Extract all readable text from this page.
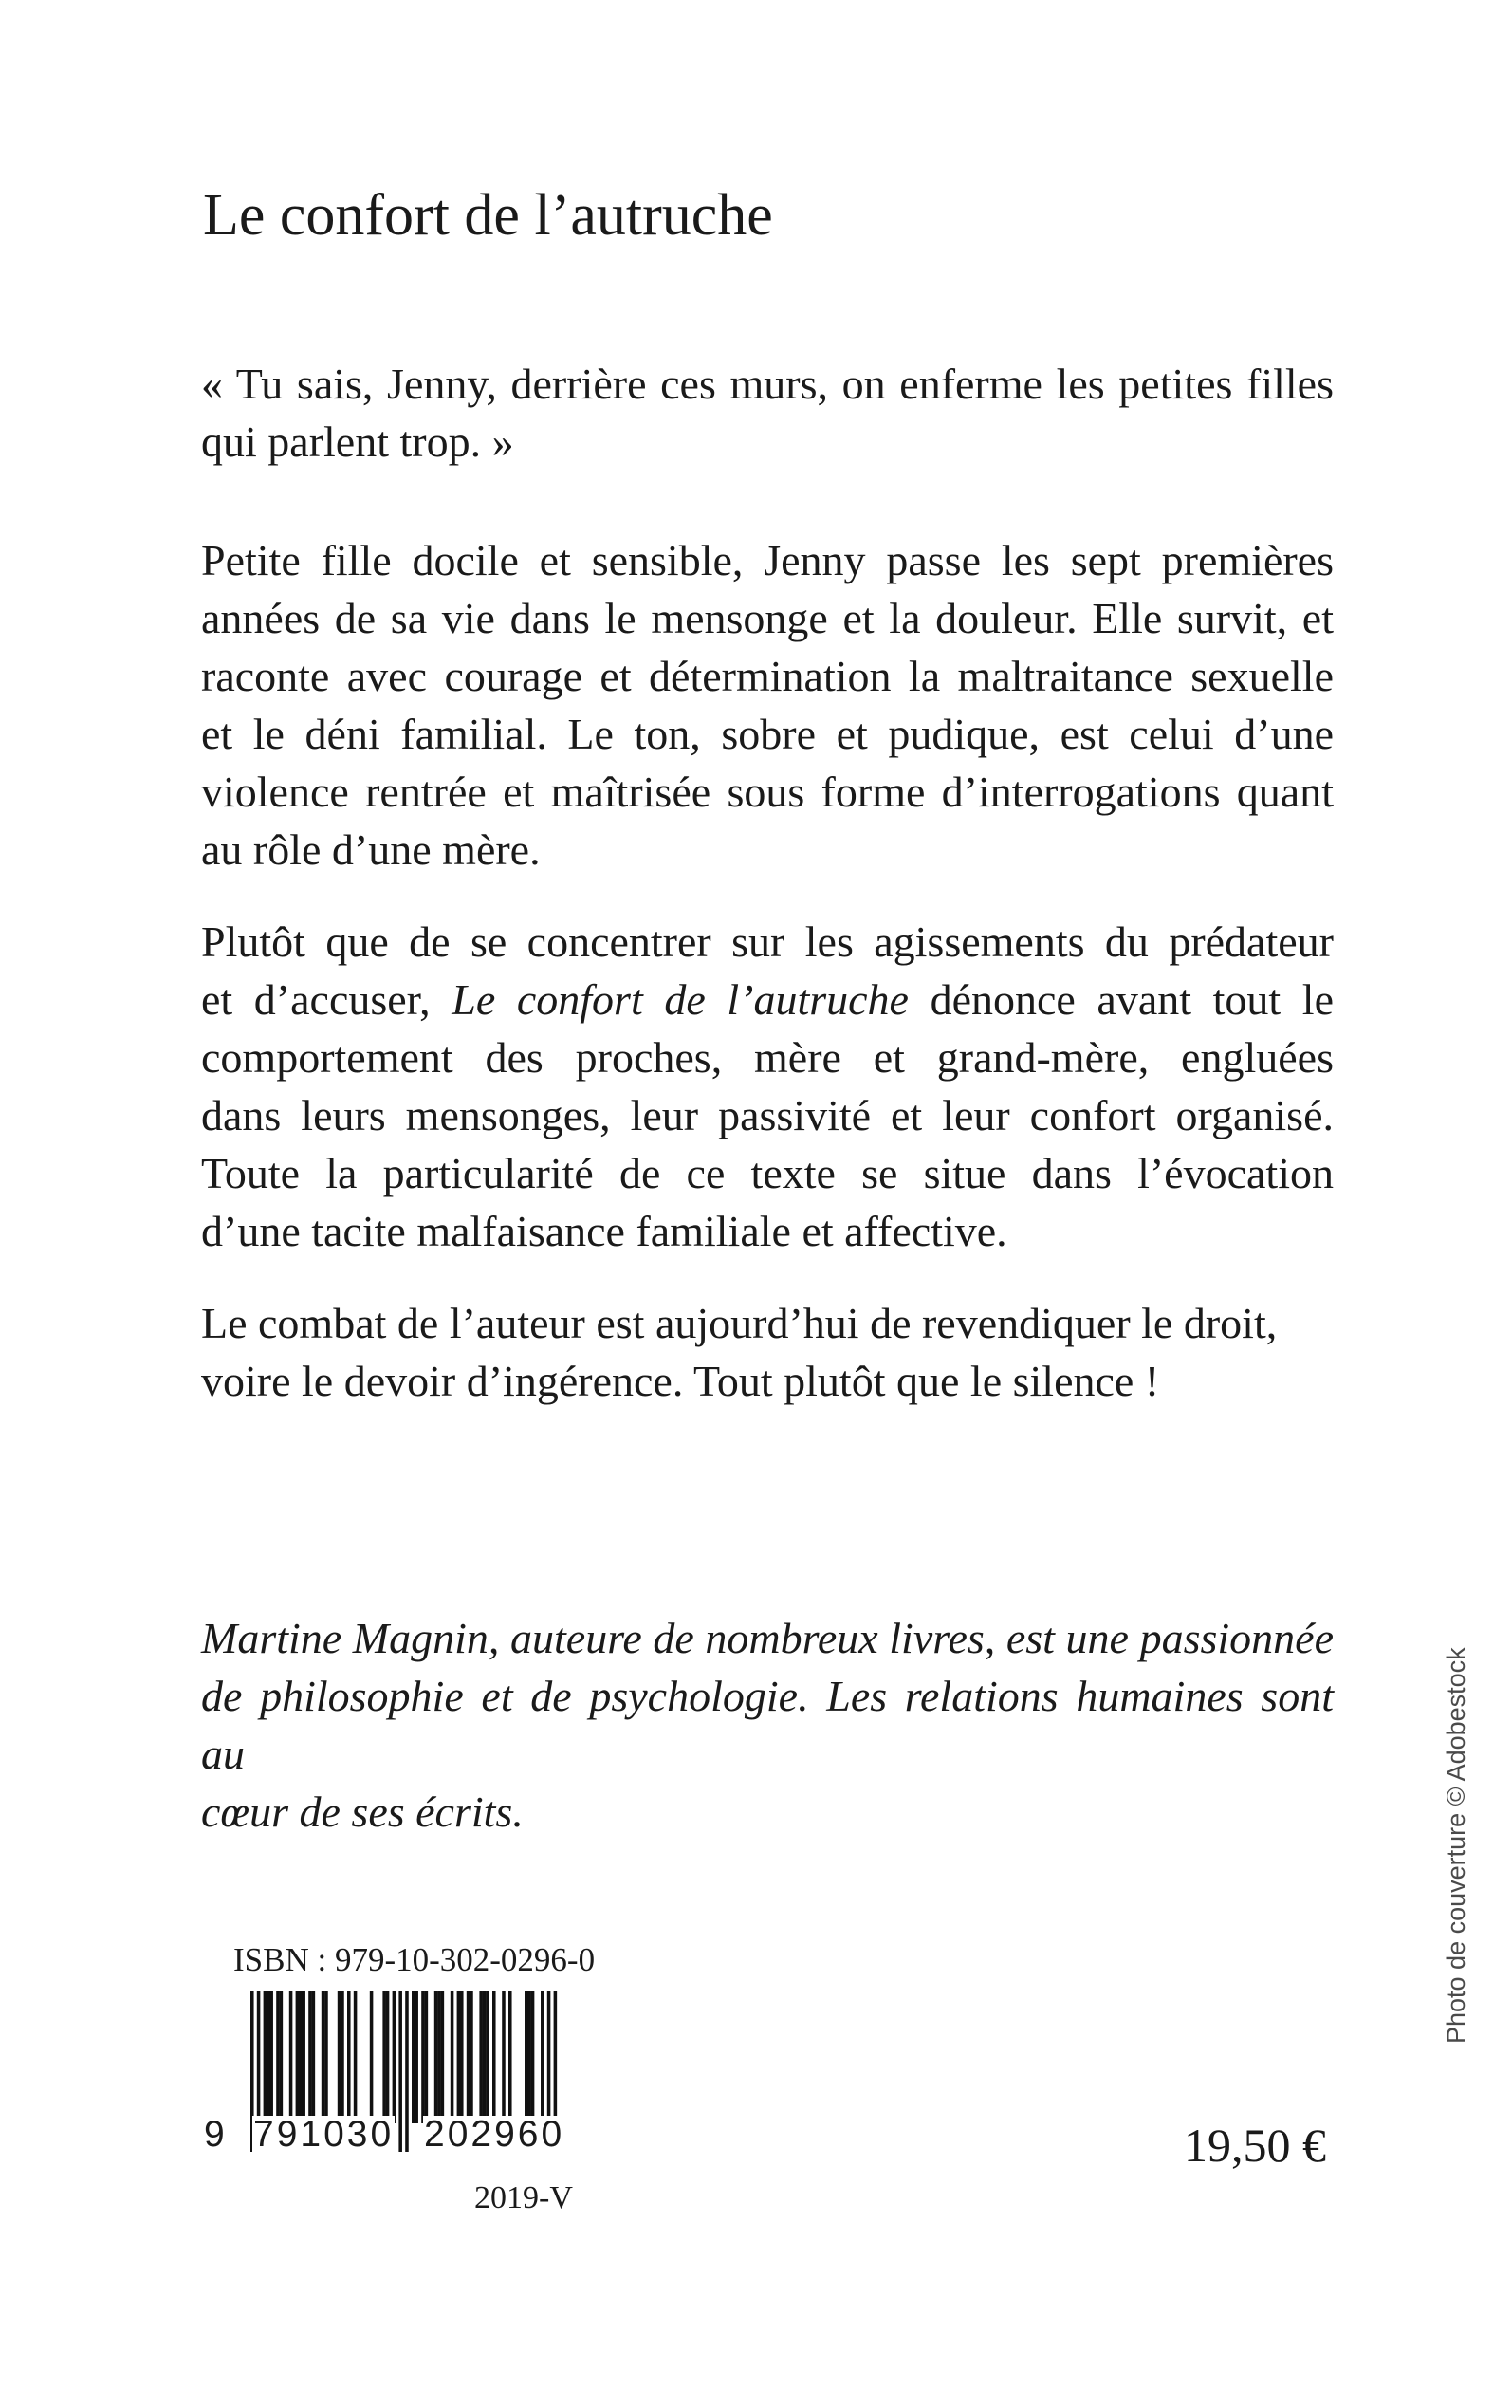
Le confort de l’autruche

« Tu sais, Jenny, derrière ces murs, on enferme les petites filles
qui parlent trop. »

Petite fille docile et sensible, Jenny passe les sept premières
années de sa vie dans le mensonge et la douleur. Elle survit, et
raconte avec courage et détermination la maltraitance sexuelle
et le déni familial. Le ton, sobre et pudique, est celui d’une
violence rentrée et maîtrisée sous forme d’interrogations quant
au rôle d’une mère.

Plutôt que de se concentrer sur les agissements du prédateur
et d’accuser, Le confort de l’autruche dénonce avant tout le
comportement des proches, mère et grand-mère, engluées
dans leurs mensonges, leur passivité et leur confort organisé.
Toute la particularité de ce texte se situe dans l’évocation
d’une tacite malfaisance familiale et affective.

Le combat de l’auteur est aujourd’hui de revendiquer le droit,
voire le devoir d’ingérence. Tout plutôt que le silence !

Martine Magnin, auteure de nombreux livres, est une passionnée
de philosophie et de psychologie. Les relations humaines sont au
cœur de ses écrits.	Photo de couverture © Adobestock
ISBN : 979-10-302-0296-0
9 791030 202960
2019-V
19,50 €
